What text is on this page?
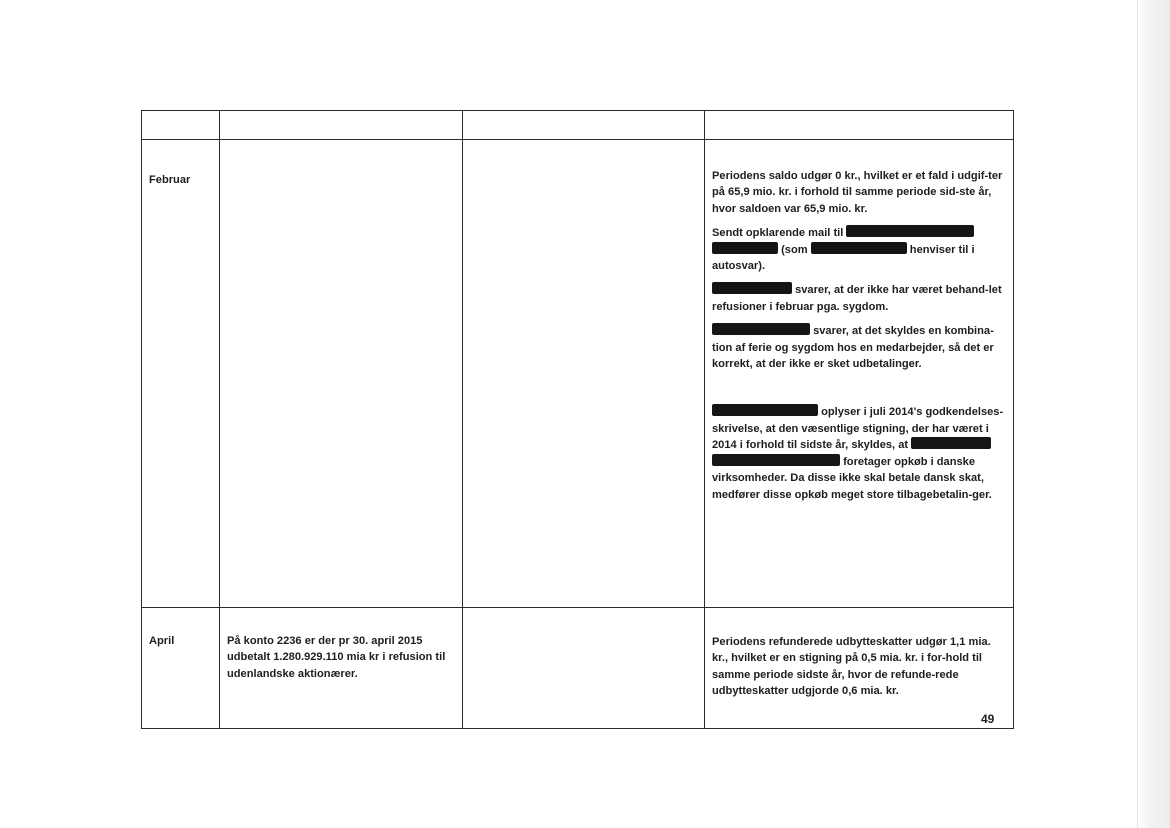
Februar			Periodens saldo udgør 0 kr., hvilket er et fald i udgif-ter på 65,9 mio. kr. i forhold til samme periode sid-ste år, hvor saldoen var 65,9 mio. kr.
Sendt opklarende mail til   (som henviser til i autosvar).
svarer, at der ikke har været behand-let refusioner i februar pga. sygdom.
svarer, at det skyldes en kombina-tion af ferie og sygdom hos en medarbejder, så det er korrekt, at der ikke er sket udbetalinger.
oplyser i juli 2014's godkendelses-skrivelse, at den væsentlige stigning, der har været i 2014 i forhold til sidste år, skyldes, at   foretager opkøb i danske virksomheder. Da disse ikke skal betale dansk skat, medfører disse opkøb meget store tilbagebetalin-ger.

April	På konto 2236 er der pr 30. april 2015 udbetalt 1.280.929.110 mia kr i refusion til udenlandske aktionærer.		Periodens refunderede udbytteskatter udgør 1,1 mia. kr., hvilket er en stigning på 0,5 mia. kr. i for-hold til samme periode sidste år, hvor de refunde-rede udbytteskatter udgjorde 0,6 mia. kr.
49
